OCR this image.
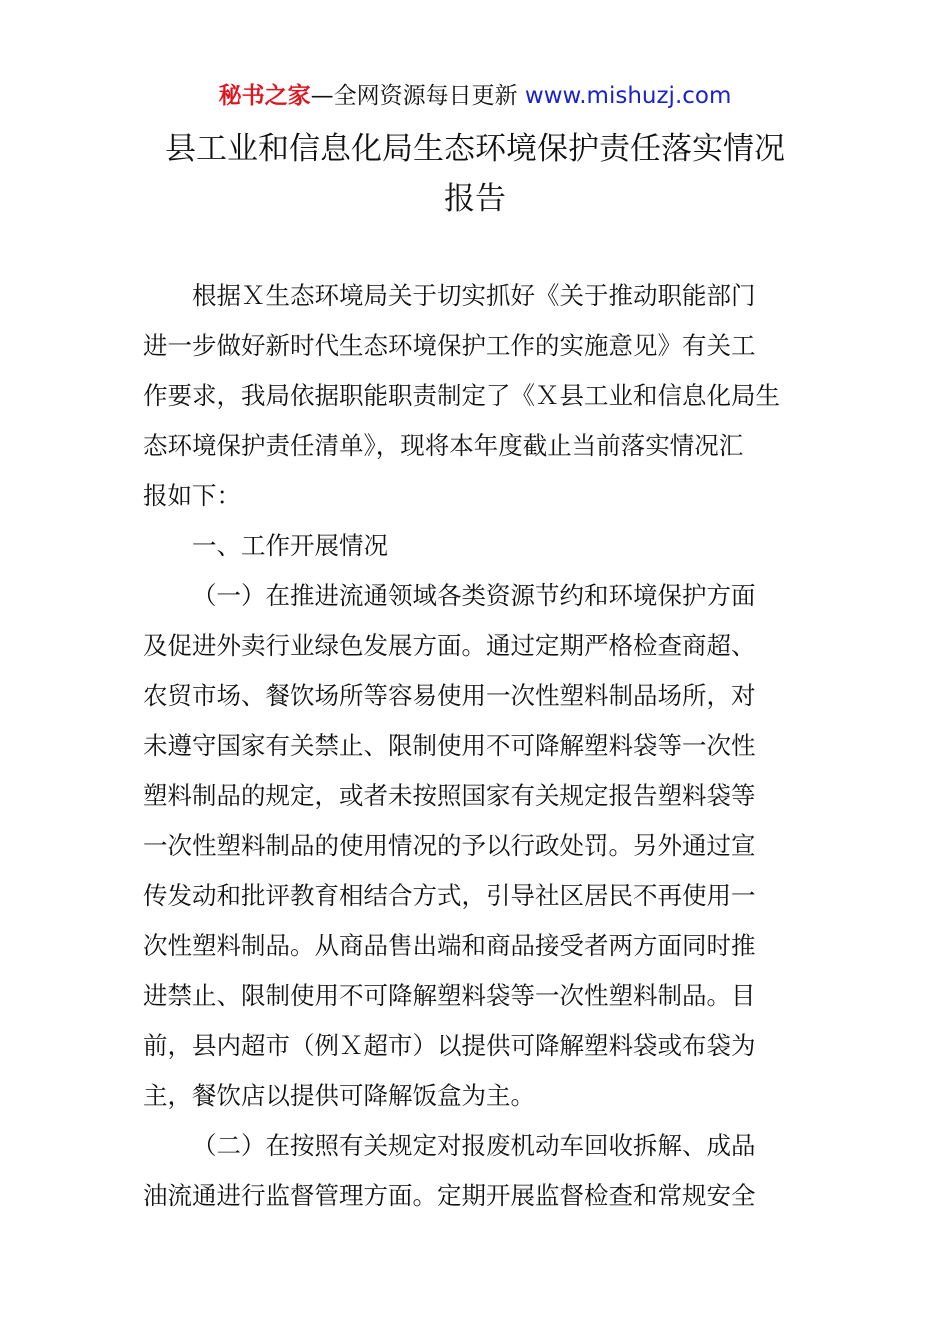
秘书之家—全网资源每日更新 www.mishuzj.com
县工业和信息化局生态环境保护责任落实情况
报告
根据Ｘ生态环境局关于切实抓好《关于推动职能部门
进一步做好新时代生态环境保护工作的实施意见》有关工
作要求，我局依据职能职责制定了《Ｘ县工业和信息化局生
态环境保护责任清单》，现将本年度截止当前落实情况汇
报如下：
一、工作开展情况
（一）在推进流通领域各类资源节约和环境保护方面
及促进外卖行业绿色发展方面。通过定期严格检查商超、
农贸市场、餐饮场所等容易使用一次性塑料制品场所，对
未遵守国家有关禁止、限制使用不可降解塑料袋等一次性
塑料制品的规定，或者未按照国家有关规定报告塑料袋等
一次性塑料制品的使用情况的予以行政处罚。另外通过宣
传发动和批评教育相结合方式，引导社区居民不再使用一
次性塑料制品。从商品售出端和商品接受者两方面同时推
进禁止、限制使用不可降解塑料袋等一次性塑料制品。目
前，县内超市（例Ｘ超市）以提供可降解塑料袋或布袋为
主，餐饮店以提供可降解饭盒为主。
（二）在按照有关规定对报废机动车回收拆解、成品
油流通进行监督管理方面。定期开展监督检查和常规安全
